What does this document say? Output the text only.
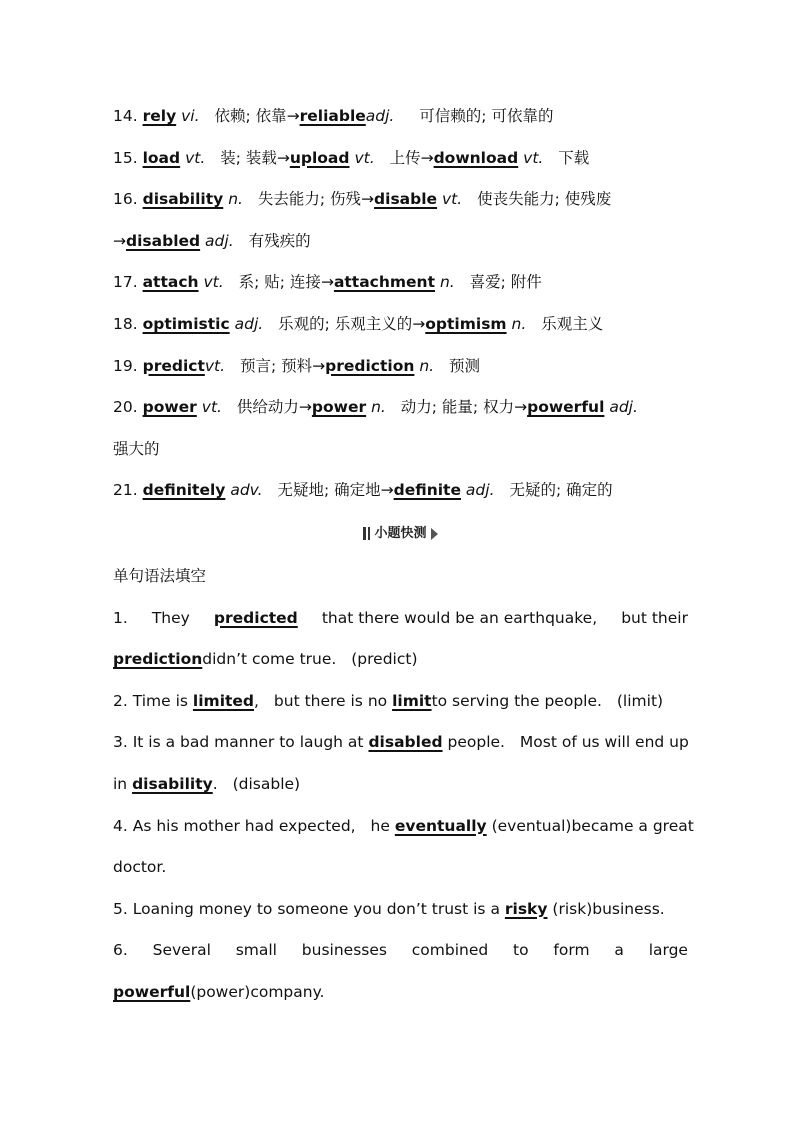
14. rely vi. 依赖; 依靠→reliableadj. 可信赖的; 可依靠的
15. load vt. 装; 装载→upload vt. 上传→download vt. 下载
16. disability n. 失去能力; 伤残→disable vt. 使丧失能力; 使残废
→disabled adj. 有残疾的
17. attach vt. 系; 贴; 连接→attachment n. 喜爱; 附件
18. optimistic adj. 乐观的; 乐观主义的→optimism n. 乐观主义
19. predictvt. 预言; 预料→prediction n. 预测
20. power vt. 供给动力→power n. 动力; 能量; 权力→powerful adj.
强大的
21. definitely adv. 无疑地; 确定地→definite adj. 无疑的; 确定的
小题快测
单句语法填空
1. They predicted that there would be an earthquake, but their
predictiondidn’t come true. (predict)
2. Time is limited, but there is no limitto serving the people. (limit)
3. It is a bad manner to laugh at disabled people. Most of us will end up
in disability. (disable)
4. As his mother had expected, he eventually (eventual)became a great
doctor.
5. Loaning money to someone you don’t trust is a risky (risk)business.
6. Several small businesses combined to form a large
powerful(power)company.
